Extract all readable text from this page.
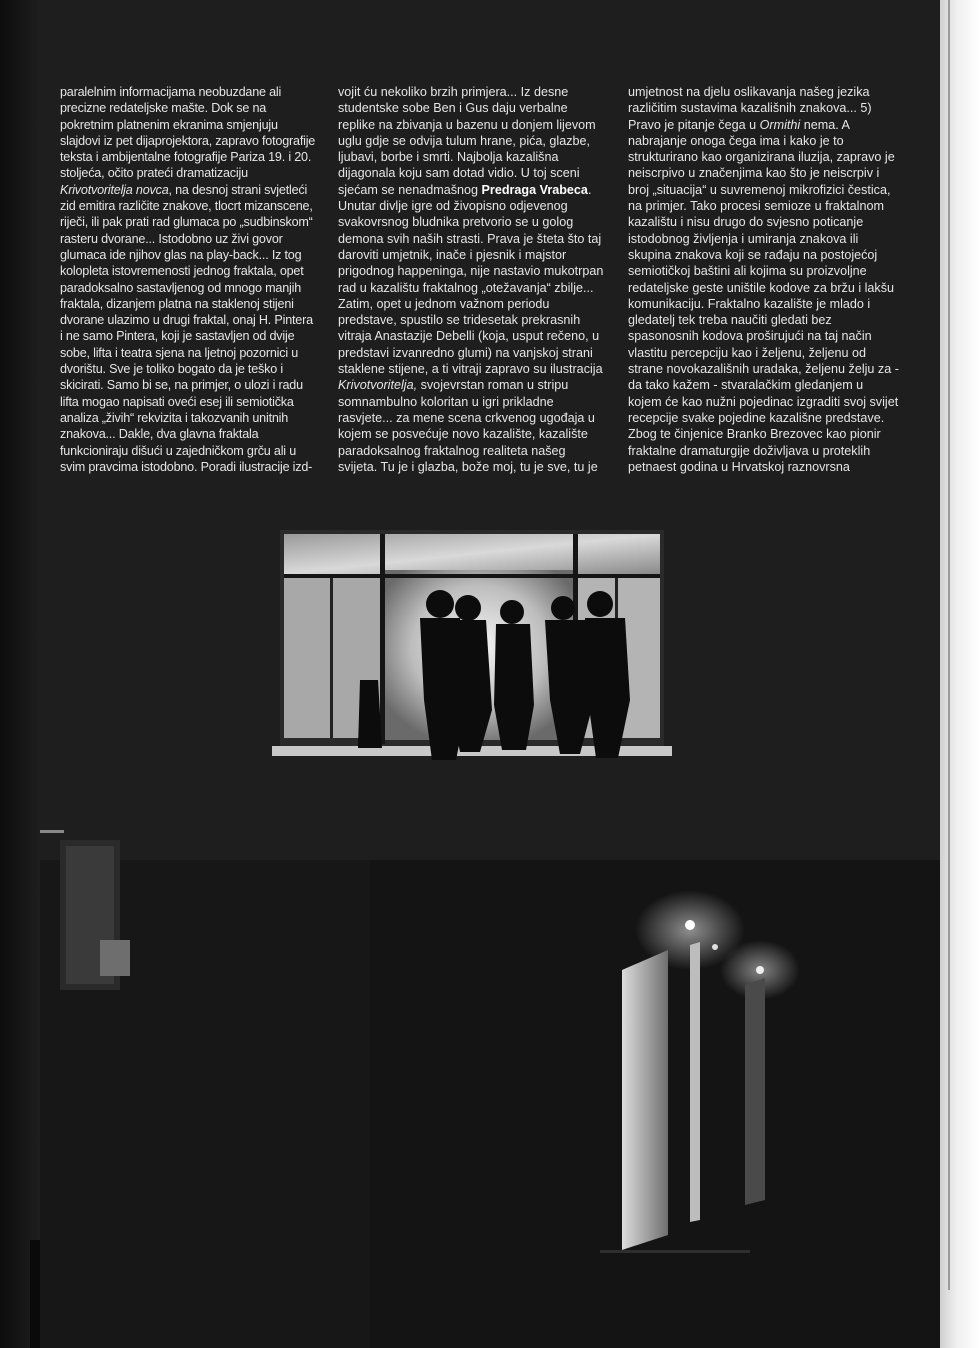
paralelnim informacijama neobuzdane ali precizne redateljske mašte. Dok se na pokretnim platnenim ekranima smjenjuju slajdovi iz pet dijaprojektora, zapravo fotografije teksta i ambijentalne fotografije Pariza 19. i 20. stoljeća, očito prateći dramatizaciju Krivotvoritelja novca, na desnoj strani svjetleći zid emitira različite znakove, tlocrt mizanscene, riječi, ili pak prati rad glumaca po „sudbinskom“ rasteru dvorane... Istodobno uz živi govor glumaca ide njihov glas na play-back... Iz tog kolopleta istovremenosti jednog fraktala, opet paradoksalno sastavljenog od mnogo manjih fraktala, dizanjem platna na staklenoj stijeni dvorane ulazimo u drugi fraktal, onaj H. Pintera i ne samo Pintera, koji je sastavljen od dvije sobe, lifta i teatra sjena na ljetnoj pozornici u dvorištu. Sve je toliko bogato da je teško i skicirati. Samo bi se, na primjer, o ulozi i radu lifta mogao napisati oveći esej ili semiotička analiza „živih“ rekvizita i takozvanih unitnih znakova... Dakle, dva glavna fraktala funkcioniraju dišući u zajedničkom grču ali u svim pravcima istodobno. Poradi ilustracije izd-

vojit ću nekoliko brzih primjera... Iz desne studentske sobe Ben i Gus daju verbalne replike na zbivanja u bazenu u donjem lijevom uglu gdje se odvija tulum hrane, pića, glazbe, ljubavi, borbe i smrti. Najbolja kazališna dijagonala koju sam dotad vidio. U toj sceni sjećam se nenadmašnog Predraga Vrabeca. Unutar divlje igre od živopisno odjevenog svakovrsnog bludnika pretvorio se u golog demona svih naših strasti. Prava je šteta što taj daroviti umjetnik, inače i pjesnik i majstor prigodnog happeninga, nije nastavio mukotrpan rad u kazalištu fraktalnog „otežavanja“ zbilje... Zatim, opet u jednom važnom periodu predstave, spustilo se tridesetak prekrasnih vitraja Anastazije Debelli (koja, usput rečeno, u predstavi izvanredno glumi) na vanjskoj strani staklene stijene, a ti vitraji zapravo su ilustracija Krivotvoritelja, svojevrstan roman u stripu somnambulno koloritan u igri prikladne rasvjete... za mene scena crkvenog ugođaja u kojem se posvećuje novo kazalište, kazalište paradoksalnog fraktalnog realiteta našeg svijeta. Tu je i glazba, bože moj, tu je sve, tu je

umjetnost na djelu oslikavanja našeg jezika različitim sustavima kazališnih znakova... 5) Pravo je pitanje čega u Ormithi nema. A nabrajanje onoga čega ima i kako je to strukturirano kao organizirana iluzija, zapravo je neiscrpivo u značenjima kao što je neiscrpiv i broj „situacija“ u suvremenoj mikrofizici čestica, na primjer. Tako procesi semioze u fraktalnom kazalištu i nisu drugo do svjesno poticanje istodobnog življenja i umiranja znakova ili skupina znakova koji se rađaju na postojećoj semiotičkoj baštini ali kojima su proizvoljne redateljske geste uništile kodove za bržu i lakšu komunikaciju. Fraktalno kazalište je mlado i gledatelj tek treba naučiti gledati bez spasonosnih kodova proširujući na taj način vlastitu percepciju kao i željenu, željenu od strane novokazališnih uradaka, željenu želju za - da tako kažem - stvaralačkim gledanjem u kojem će kao nužni pojedinac izgraditi svoj svijet recepcije svake pojedine kazališne predstave. Zbog te činjenice Branko Brezovec kao pionir fraktalne dramaturgije doživljava u proteklih petnaest godina u Hrvatskoj raznovrsna
